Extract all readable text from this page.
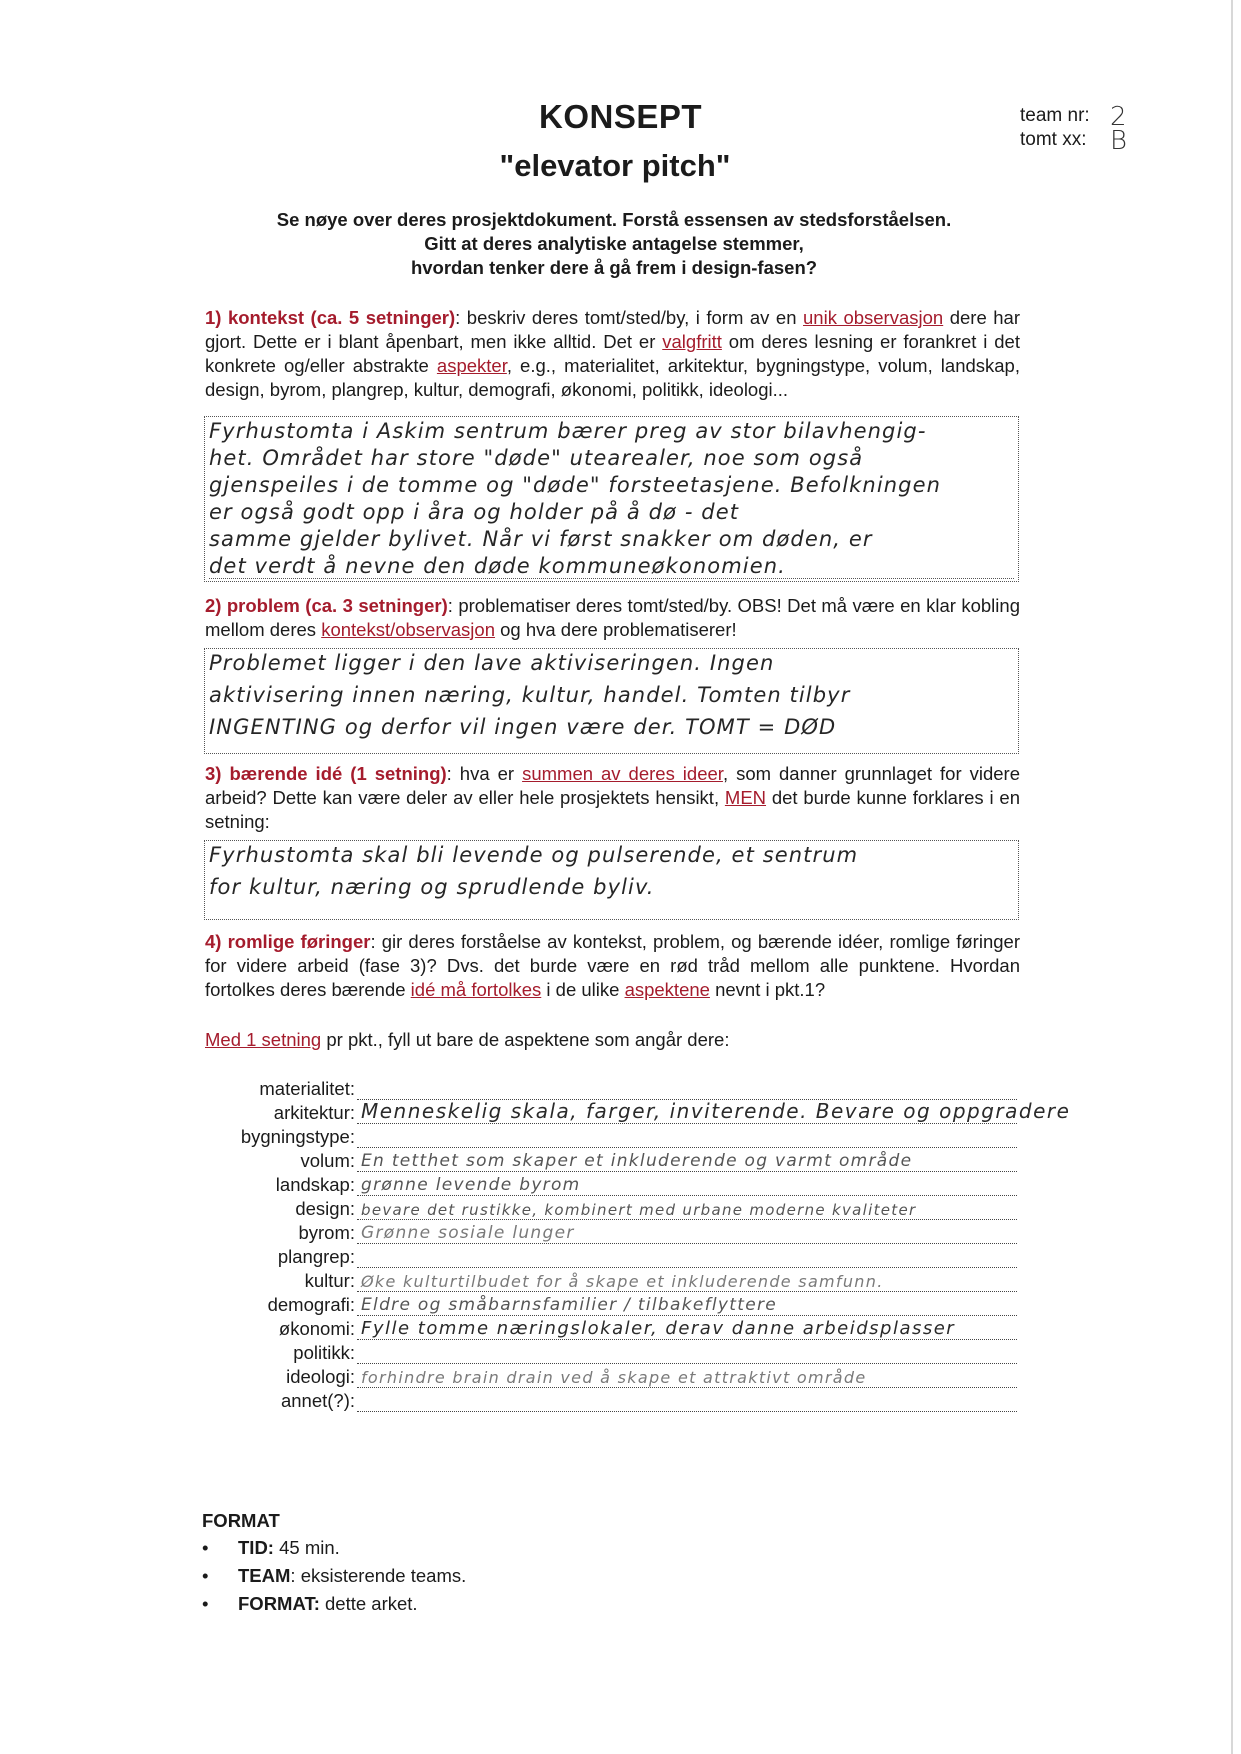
KONSEPT
"elevator pitch"
team nr: 2
tomt xx: B
Se nøye over deres prosjektdokument. Forstå essensen av stedsforståelsen.
Gitt at deres analytiske antagelse stemmer,
hvordan tenker dere å gå frem i design-fasen?
1) kontekst (ca. 5 setninger): beskriv deres tomt/sted/by, i form av en unik observasjon dere har gjort. Dette er i blant åpenbart, men ikke alltid. Det er valgfritt om deres lesning er forankret i det konkrete og/eller abstrakte aspekter, e.g., materialitet, arkitektur, bygningstype, volum, landskap, design, byrom, plangrep, kultur, demografi, økonomi, politikk, ideologi...
Fyrhustomta i Askim sentrum bærer preg av stor bilavhengig-
het. Området har store "døde" utearealer, noe som også
gjenspeiles i de tomme og "døde" forsteetasjene. Befolkningen
er også godt opp i åra og holder på å dø - det
samme gjelder bylivet. Når vi først snakker om døden, er
det verdt å nevne den døde kommuneøkonomien.
2) problem (ca. 3 setninger): problematiser deres tomt/sted/by. OBS! Det må være en klar kobling mellom deres kontekst/observasjon og hva dere problematiserer!
Problemet ligger i den lave aktiviseringen. Ingen
aktivisering innen næring, kultur, handel. Tomten tilbyr
INGENTING og derfor vil ingen være der. TOMT = DØD
3) bærende idé (1 setning): hva er summen av deres ideer, som danner grunnlaget for videre arbeid? Dette kan være deler av eller hele prosjektets hensikt, MEN det burde kunne forklares i en setning:
Fyrhustomta skal bli levende og pulserende, et sentrum
for kultur, næring og sprudlende byliv.
4) romlige føringer: gir deres forståelse av kontekst, problem, og bærende idéer, romlige føringer for videre arbeid (fase 3)? Dvs. det burde være en rød tråd mellom alle punktene. Hvordan fortolkes deres bærende idé må fortolkes i de ulike aspektene nevnt i pkt.1?
Med 1 setning pr pkt., fyll ut bare de aspektene som angår dere:
materialitet:
arkitektur: Menneskelig skala, farger, inviterende. Bevare og oppgradere
bygningstype:
volum: En tetthet som skaper et inkluderende og varmt område
landskap: grønne levende byrom
design: bevare det rustikke, kombinert med urbane moderne kvaliteter
byrom: Grønne sosiale lunger
plangrep:
kultur: Øke kulturtilbudet for å skape et inkluderende samfunn.
demografi: Eldre og småbarnsfamilier / tilbakeflyttere
økonomi: Fylle tomme næringslokaler, derav danne arbeidsplasser
politikk:
ideologi: forhindre brain drain ved å skape et attraktivt område
annet(?):
FORMAT
• TID: 45 min.
• TEAM: eksisterende teams.
• FORMAT: dette arket.
